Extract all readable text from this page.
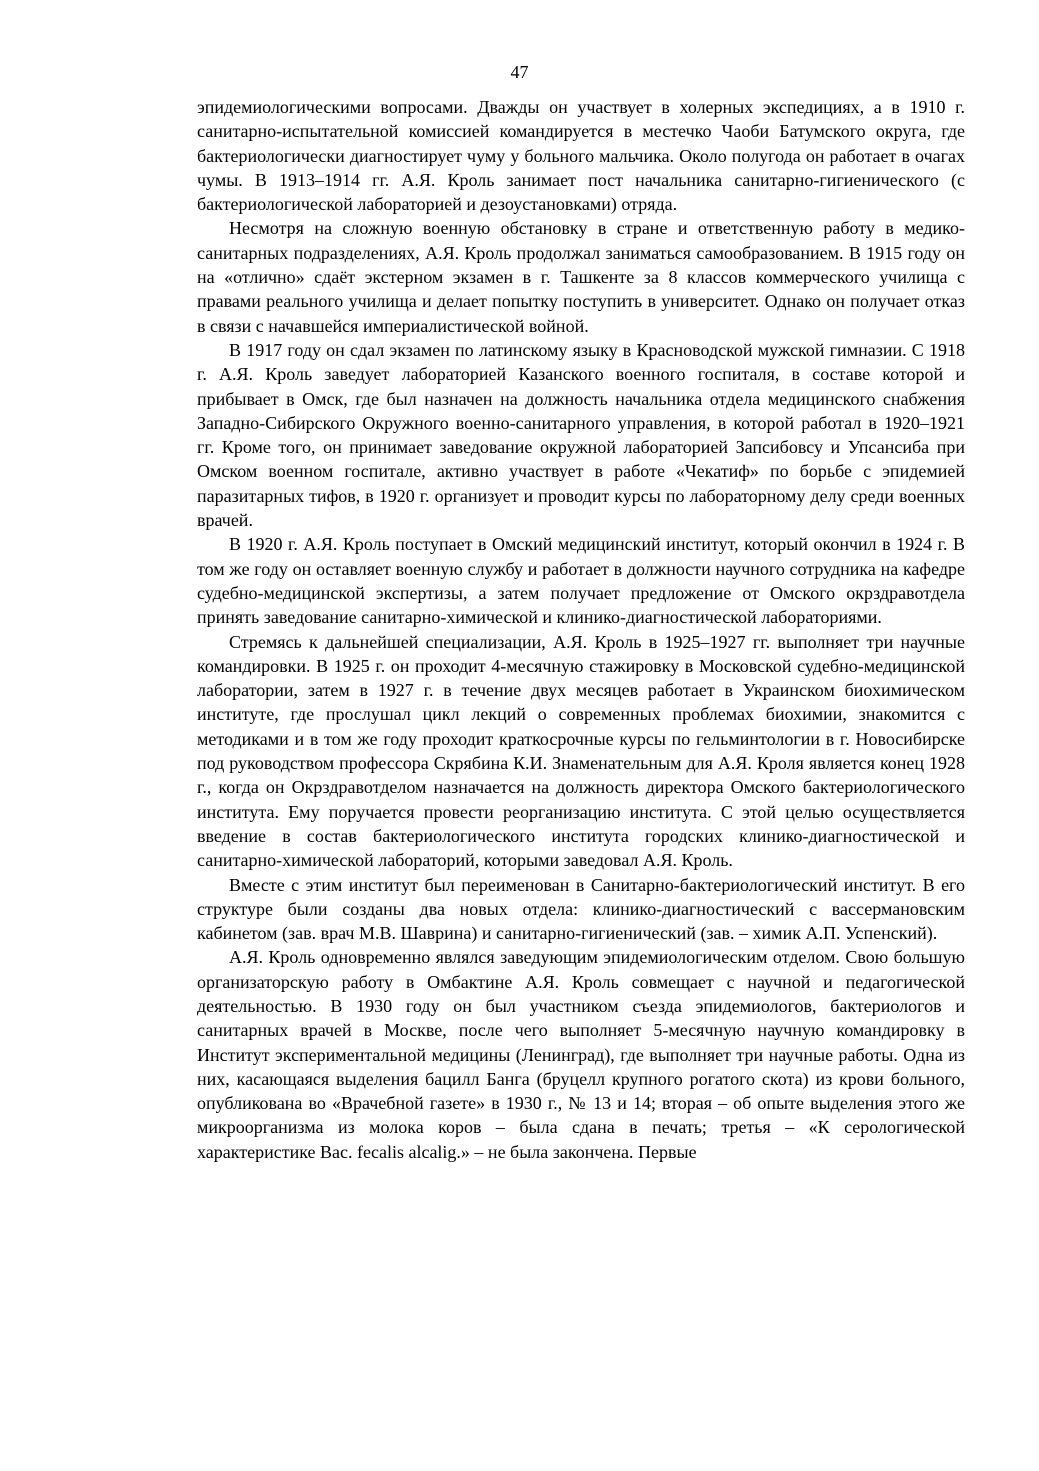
47

эпидемиологическими вопросами. Дважды он участвует в холерных экспедициях, а в 1910 г. санитарно-испытательной комиссией командируется в местечко Чаоби Батумского округа, где бактериологически диагностирует чуму у больного мальчика. Около полугода он работает в очагах чумы. В 1913–1914 гг. А.Я. Кроль занимает пост начальника санитарно-гигиенического (с бактериологической лабораторией и дезоустановками) отряда.

Несмотря на сложную военную обстановку в стране и ответственную работу в медико-санитарных подразделениях, А.Я. Кроль продолжал заниматься самообразованием. В 1915 году он на «отлично» сдаёт экстерном экзамен в г. Ташкенте за 8 классов коммерческого училища с правами реального училища и делает попытку поступить в университет. Однако он получает отказ в связи с начавшейся империалистической войной.

В 1917 году он сдал экзамен по латинскому языку в Красноводской мужской гимназии. С 1918 г. А.Я. Кроль заведует лабораторией Казанского военного госпиталя, в составе которой и прибывает в Омск, где был назначен на должность начальника отдела медицинского снабжения Западно-Сибирского Окружного военно-санитарного управления, в которой работал в 1920–1921 гг. Кроме того, он принимает заведование окружной лабораторией Запсибовсу и Упсансиба при Омском военном госпитале, активно участвует в работе «Чекатиф» по борьбе с эпидемией паразитарных тифов, в 1920 г. организует и проводит курсы по лабораторному делу среди военных врачей.

В 1920 г. А.Я. Кроль поступает в Омский медицинский институт, который окончил в 1924 г. В том же году он оставляет военную службу и работает в должности научного сотрудника на кафедре судебно-медицинской экспертизы, а затем получает предложение от Омского окрздравотдела принять заведование санитарно-химической и клинико-диагностической лабораториями.

Стремясь к дальнейшей специализации, А.Я. Кроль в 1925–1927 гг. выполняет три научные командировки. В 1925 г. он проходит 4-месячную стажировку в Московской судебно-медицинской лаборатории, затем в 1927 г. в течение двух месяцев работает в Украинском биохимическом институте, где прослушал цикл лекций о современных проблемах биохимии, знакомится с методиками и в том же году проходит краткосрочные курсы по гельминтологии в г. Новосибирске под руководством профессора Скрябина К.И. Знаменательным для А.Я. Кроля является конец 1928 г., когда он Окрздравотделом назначается на должность директора Омского бактериологического института. Ему поручается провести реорганизацию института. С этой целью осуществляется введение в состав бактериологического института городских клинико-диагностической и санитарно-химической лабораторий, которыми заведовал А.Я. Кроль.

Вместе с этим институт был переименован в Санитарно-бактериологический институт. В его структуре были созданы два новых отдела: клинико-диагностический с вассермановским кабинетом (зав. врач М.В. Шаврина) и санитарно-гигиенический (зав. – химик А.П. Успенский).

А.Я. Кроль одновременно являлся заведующим эпидемиологическим отделом. Свою большую организаторскую работу в Омбактине А.Я. Кроль совмещает с научной и педагогической деятельностью. В 1930 году он был участником съезда эпидемиологов, бактериологов и санитарных врачей в Москве, после чего выполняет 5-месячную научную командировку в Институт экспериментальной медицины (Ленинград), где выполняет три научные работы. Одна из них, касающаяся выделения бацилл Банга (бруцелл крупного рогатого скота) из крови больного, опубликована во «Врачебной газете» в 1930 г., № 13 и 14; вторая – об опыте выделения этого же микроорганизма из молока коров – была сдана в печать; третья – «К серологической характеристике Bac. fecalis alcalig.» – не была закончена. Первые
